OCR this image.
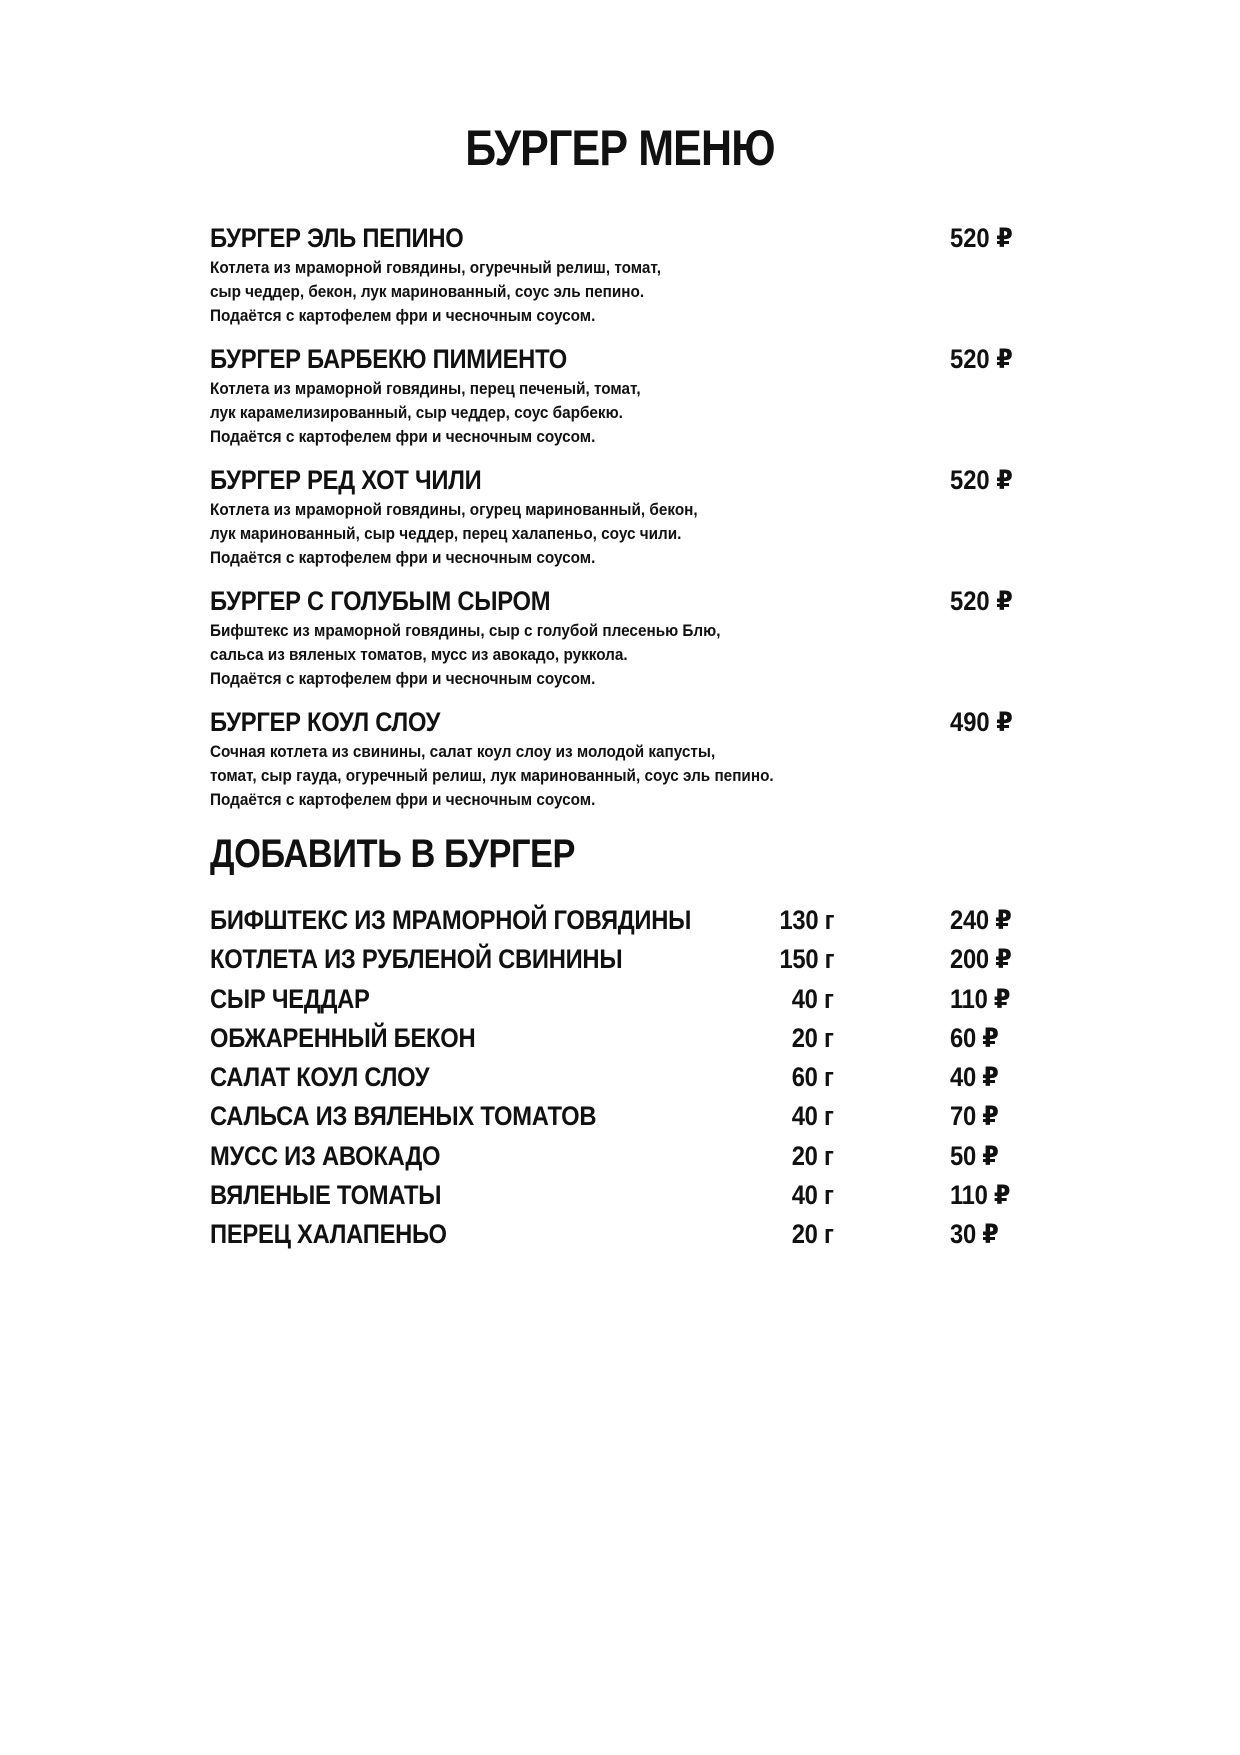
БУРГЕР МЕНЮ
БУРГЕР ЭЛЬ ПЕПИНО	520 ₽
Котлета из мраморной говядины, огуречный релиш, томат,
сыр чеддер, бекон, лук маринованный, соус эль пепино.
Подаётся с картофелем фри и чесночным соусом.
БУРГЕР БАРБЕКЮ ПИМИЕНТО	520 ₽
Котлета из мраморной говядины, перец печеный, томат,
лук карамелизированный, сыр чеддер, соус барбекю.
Подаётся с картофелем фри и чесночным соусом.
БУРГЕР РЕД ХОТ ЧИЛИ	520 ₽
Котлета из мраморной говядины, огурец маринованный, бекон,
лук маринованный, сыр чеддер, перец халапеньо, соус чили.
Подаётся с картофелем фри и чесночным соусом.
БУРГЕР С ГОЛУБЫМ СЫРОМ	520 ₽
Бифштекс из мраморной говядины, сыр с голубой плесенью Блю,
сальса из вяленых томатов, мусс из авокадо, руккола.
Подаётся с картофелем фри и чесночным соусом.
БУРГЕР КОУЛ СЛОУ	490 ₽
Сочная котлета из свинины, салат коул слоу из молодой капусты,
томат, сыр гауда, огуречный релиш, лук маринованный, соус эль пепино.
Подаётся с картофелем фри и чесночным соусом.
ДОБАВИТЬ В БУРГЕР
БИФШТЕКС ИЗ МРАМОРНОЙ ГОВЯДИНЫ	130 г	240 ₽
КОТЛЕТА ИЗ РУБЛЕНОЙ СВИНИНЫ	150 г	200 ₽
СЫР ЧЕДДАР	40 г	110 ₽
ОБЖАРЕННЫЙ БЕКОН	20 г	60 ₽
САЛАТ КОУЛ СЛОУ	60 г	40 ₽
САЛЬСА ИЗ ВЯЛЕНЫХ ТОМАТОВ	40 г	70 ₽
МУСС ИЗ АВОКАДО	20 г	50 ₽
ВЯЛЕНЫЕ ТОМАТЫ	40 г	110 ₽
ПЕРЕЦ ХАЛАПЕНЬО	20 г	30 ₽
